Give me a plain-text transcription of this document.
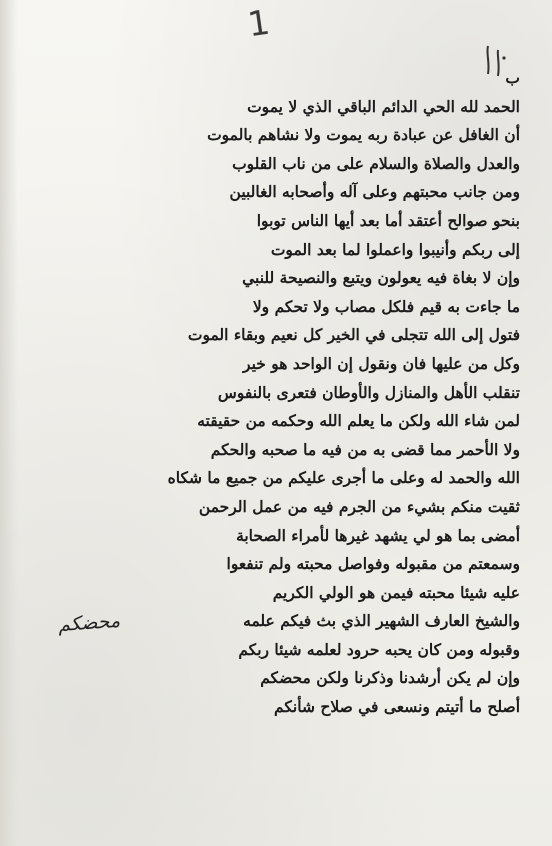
1
محضكم
ب
الحمد لله الحي الدائم الباقي الذي لا يموت
أن الغافل عن عبادة ربه يموت ولا نشاهم بالموت
والعدل والصلاة والسلام على من ناب القلوب
ومن جانب محبتهم وعلى آله وأصحابه الغالبين
بنحو صوالح أعتقد أما بعد أيها الناس توبوا
إلى ربكم وأنيبوا واعملوا لما بعد الموت
وإن لا بغاة فيه يعولون ويتبع والنصيحة للنبي
ما جاءت به قيم فلكل مصاب ولا تحكم ولا
فتول إلى الله تتجلى في الخير كل نعيم وبقاء الموت
وكل من عليها فان ونقول إن الواحد هو خير
تنقلب الأهل والمنازل والأوطان فتعرى بالنفوس
لمن شاء الله ولكن ما يعلم الله وحكمه من حقيقته
ولا الأحمر مما قضى به من فيه ما صحبه والحكم
الله والحمد له وعلى ما أجرى عليكم من جميع ما شكاه
ثقيت منكم بشيء من الجرم فيه من عمل الرحمن
أمضى بما هو لي يشهد غيرها لأمراء الصحابة
وسمعتم من مقبوله وفواصل محبته ولم تنفعوا
عليه شيئا محبته فيمن هو الولي الكريم
والشيخ العارف الشهير الذي بث فيكم علمه
وقبوله ومن كان يحبه حرود لعلمه شيئا ربكم
وإن لم يكن أرشدنا وذكرنا ولكن محضكم
أصلح ما أتيتم ونسعى في صلاح شأنكم
